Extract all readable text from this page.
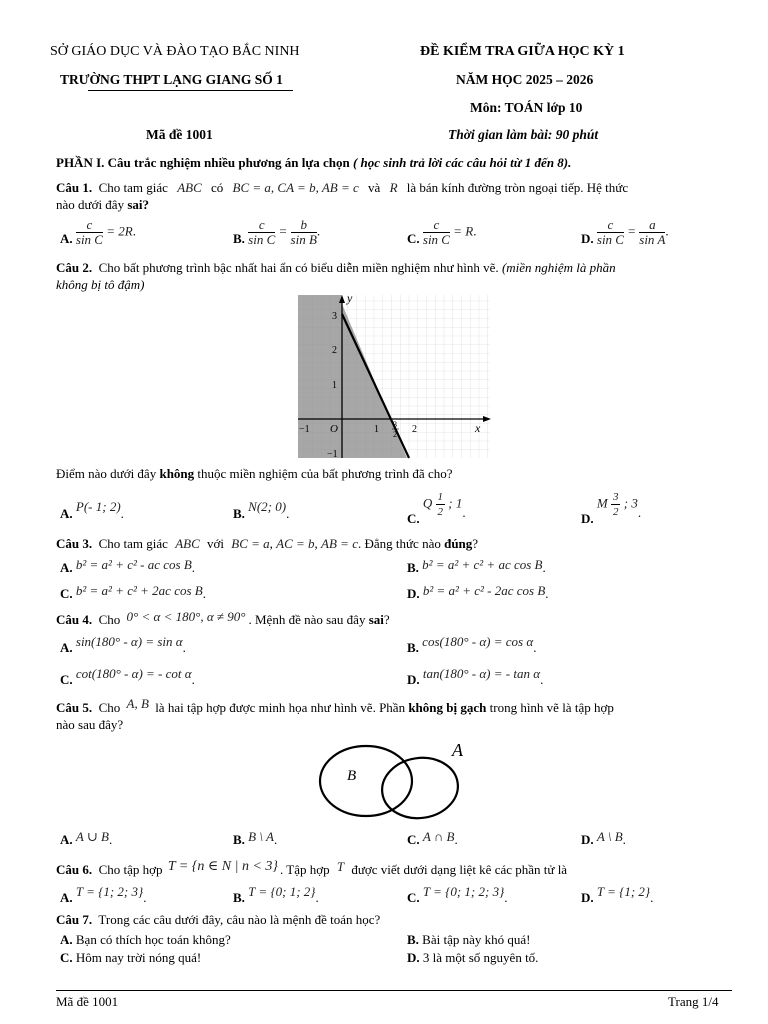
SỞ GIÁO DỤC VÀ ĐÀO TẠO BẮC NINH
TRƯỜNG THPT LẠNG GIANG SỐ 1
ĐỀ KIỂM TRA GIỮA HỌC KỲ 1
NĂM HỌC 2025 – 2026
Môn: TOÁN lớp 10
Mã đề 1001	Thời gian làm bài: 90 phút
PHẦN I. Câu trắc nghiệm nhiều phương án lựa chọn ( học sinh trả lời các câu hỏi từ 1 đến 8).
Câu 1. Cho tam giác ABC có BC = a, CA = b, AB = c và R là bán kính đường tròn ngoại tiếp. Hệ thức
nào dưới đây sai?
A. $\frac{c}{\text{sin C}} = 2R$.
B. $\frac{c}{\text{sin C}} = \frac{b}{\text{sin B}}$ .
C. $\frac{c}{\text{sin C}} = R$.
D. $\frac{c}{\text{sin C}} = \frac{a}{\text{sin A}}$ .
Câu 2. Cho bất phương trình bậc nhất hai ẩn có biểu diễn miền nghiệm như hình vẽ. (miền nghiệm là phần
không bị tô đậm)
y
x
O
3
2
1
−1
−1	1	2
3
2
Điểm nào dưới đây không thuộc miền nghiệm của bất phương trình đã cho?
A. P(- 1; 2).	B. N(2; 0).	C. Q $\frac{1}{2}$ ; 1.	D. M $\frac{3}{2}$ ; 3.
Câu 3. Cho tam giác ABC với BC = a, AC = b, AB = c. Đẳng thức nào đúng?
A. b² = a² + c² - ac cos B.	B. b² = a² + c² + ac cos B.
C. b² = a² + c² + 2ac cos B.	D. b² = a² + c² - 2ac cos B.
Câu 4. Cho 0° < α < 180°, α ≠ 90° . Mệnh đề nào sau đây sai?
A. sin(180° - α) = sin α.	B. cos(180° - α) = cos α.
C. cot(180° - α) = - cot α.	D. tan(180° - α) = - tan α.
Câu 5. Cho A, B là hai tập hợp được minh họa như hình vẽ. Phần không bị gạch trong hình vẽ là tập hợp
nào sau đây?
A
B
A. A ∪ B.	B. B \ A.	C. A ∩ B.	D. A \ B.
Câu 6. Cho tập hợp T = {n ∈ N | n < 3} . Tập hợp T được viết dưới dạng liệt kê các phần tử là
A. T = {1; 2; 3}.	B. T = {0; 1; 2}.	C. T = {0; 1; 2; 3}.	D. T = {1; 2}.
Câu 7. Trong các câu dưới đây, câu nào là mệnh đề toán học?
A. Bạn có thích học toán không?	B. Bài tập này khó quá!
C. Hôm nay trời nóng quá!	D. 3 là một số nguyên tố.
Mã đề 1001	Trang 1/4
